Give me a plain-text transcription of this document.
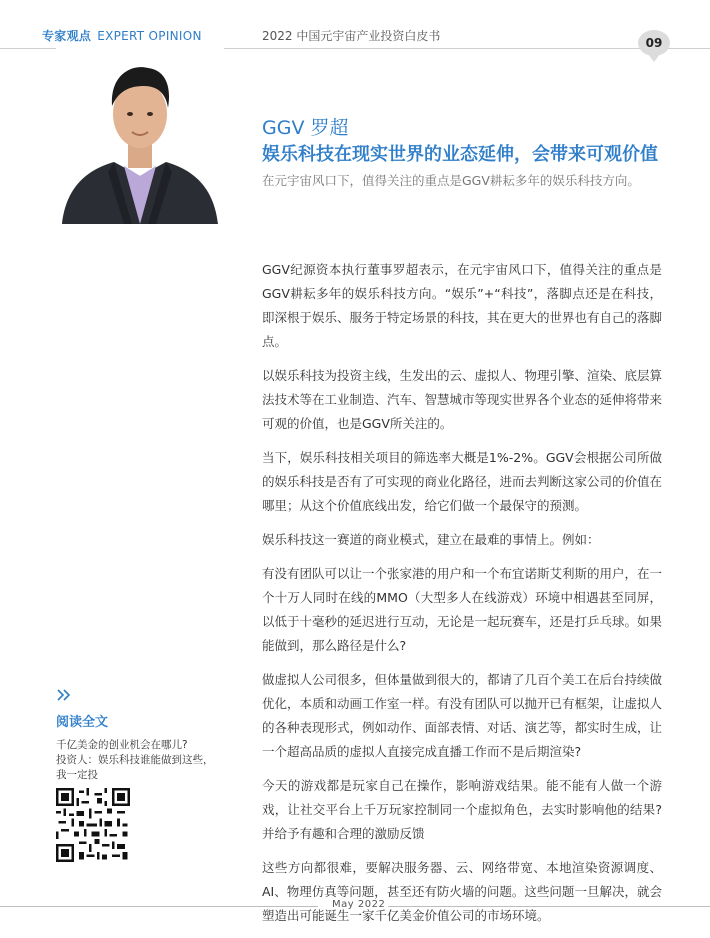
专家观点 EXPERT OPINION	2022 中国元宇宙产业投资白皮书	09
GGV 罗超
娱乐科技在现实世界的业态延伸，会带来可观价值
在元宇宙风口下，值得关注的重点是GGV耕耘多年的娱乐科技方向。

GGV纪源资本执行董事罗超表示，在元宇宙风口下，值得关注的重点是GGV耕耘多年的娱乐科技方向。“娱乐”+“科技”，落脚点还是在科技，即深根于娱乐、服务于特定场景的科技，其在更大的世界也有自己的落脚点。

以娱乐科技为投资主线，生发出的云、虚拟人、物理引擎、渲染、底层算法技术等在工业制造、汽车、智慧城市等现实世界各个业态的延伸将带来可观的价值，也是GGV所关注的。

当下，娱乐科技相关项目的筛选率大概是1%-2%。GGV会根据公司所做的娱乐科技是否有了可实现的商业化路径，进而去判断这家公司的价值在哪里；从这个价值底线出发，给它们做一个最保守的预测。

娱乐科技这一赛道的商业模式，建立在最难的事情上。例如：

有没有团队可以让一个张家港的用户和一个布宜诺斯艾利斯的用户，在一个十万人同时在线的MMO（大型多人在线游戏）环境中相遇甚至同屏，以低于十毫秒的延迟进行互动，无论是一起玩赛车，还是打乒乓球。如果能做到，那么路径是什么?

做虚拟人公司很多，但体量做到很大的，都请了几百个美工在后台持续做优化，本质和动画工作室一样。有没有团队可以抛开已有框架，让虚拟人的各种表现形式，例如动作、面部表情、对话、演艺等，都实时生成，让一个超高品质的虚拟人直接完成直播工作而不是后期渲染?

今天的游戏都是玩家自己在操作，影响游戏结果。能不能有人做一个游戏，让社交平台上千万玩家控制同一个虚拟角色，去实时影响他的结果? 并给予有趣和合理的激励反馈

这些方向都很难，要解决服务器、云、网络带宽、本地渲染资源调度、AI、物理仿真等问题，甚至还有防火墙的问题。这些问题一旦解决，就会塑造出可能诞生一家千亿美金价值公司的市场环境。

阅读全文
千亿美金的创业机会在哪儿?
投资人：娱乐科技谁能做到这些，
我一定投
May 2022
